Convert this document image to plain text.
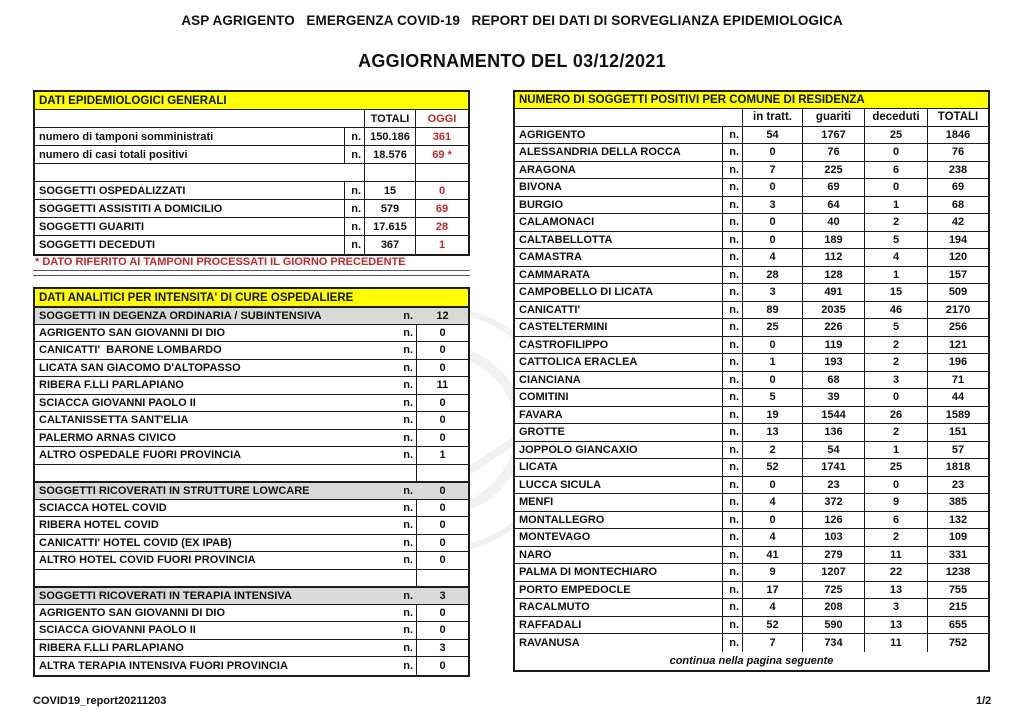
ASP AGRIGENTO   EMERGENZA COVID-19   REPORT DEI DATI DI SORVEGLIANZA EPIDEMIOLOGICA
AGGIORNAMENTO DEL 03/12/2021
DATI EPIDEMIOLOGICI GENERALI
TOTALI	OGGI
numero di tamponi somministrati	n. 150.186	361
numero di casi totali positivi	n.	18.576	69 *
SOGGETTI OSPEDALIZZATI	n.	15	0
SOGGETTI ASSISTITI A DOMICILIO	n.	579	69
SOGGETTI GUARITI	n.	17.615	28
SOGGETTI DECEDUTI	n.	367	1
* DATO RIFERITO AI TAMPONI PROCESSATI IL GIORNO PRECEDENTE
DATI ANALITICI PER INTENSITA' DI CURE OSPEDALIERE
SOGGETTI IN DEGENZA ORDINARIA / SUBINTENSIVA	n.	12
AGRIGENTO SAN GIOVANNI DI DIO	n.	0
CANICATTI'  BARONE LOMBARDO	n.	0
LICATA SAN GIACOMO D'ALTOPASSO	n.	0
RIBERA F.LLI PARLAPIANO	n.	11
SCIACCA GIOVANNI PAOLO II	n.	0
CALTANISSETTA SANT'ELIA	n.	0
PALERMO ARNAS CIVICO	n.	0
ALTRO OSPEDALE FUORI PROVINCIA	n.	1
SOGGETTI RICOVERATI IN STRUTTURE LOWCARE	n.	0
SCIACCA HOTEL COVID	n.	0
RIBERA HOTEL COVID	n.	0
CANICATTI' HOTEL COVID (EX IPAB)	n.	0
ALTRO HOTEL COVID FUORI PROVINCIA	n.	0
SOGGETTI RICOVERATI IN TERAPIA INTENSIVA	n.	3
AGRIGENTO SAN GIOVANNI DI DIO	n.	0
SCIACCA GIOVANNI PAOLO II	n.	0
RIBERA F.LLI PARLAPIANO	n.	3
ALTRA TERAPIA INTENSIVA FUORI PROVINCIA	n.	0
NUMERO DI SOGGETTI POSITIVI PER COMUNE DI RESIDENZA
in tratt.	guariti	deceduti	TOTALI
AGRIGENTO	n.	54	1767	25	1846
ALESSANDRIA DELLA ROCCA	n.	0	76	0	76
ARAGONA	n.	7	225	6	238
BIVONA	n.	0	69	0	69
BURGIO	n.	3	64	1	68
CALAMONACI	n.	0	40	2	42
CALTABELLOTTA	n.	0	189	5	194
CAMASTRA	n.	4	112	4	120
CAMMARATA	n.	28	128	1	157
CAMPOBELLO DI LICATA	n.	3	491	15	509
CANICATTI'	n.	89	2035	46	2170
CASTELTERMINI	n.	25	226	5	256
CASTROFILIPPO	n.	0	119	2	121
CATTOLICA ERACLEA	n.	1	193	2	196
CIANCIANA	n.	0	68	3	71
COMITINI	n.	5	39	0	44
FAVARA	n.	19	1544	26	1589
GROTTE	n.	13	136	2	151
JOPPOLO GIANCAXIO	n.	2	54	1	57
LICATA	n.	52	1741	25	1818
LUCCA SICULA	n.	0	23	0	23
MENFI	n.	4	372	9	385
MONTALLEGRO	n.	0	126	6	132
MONTEVAGO	n.	4	103	2	109
NARO	n.	41	279	11	331
PALMA DI MONTECHIARO	n.	9	1207	22	1238
PORTO EMPEDOCLE	n.	17	725	13	755
RACALMUTO	n.	4	208	3	215
RAFFADALI	n.	52	590	13	655
RAVANUSA	n.	7	734	11	752
continua nella pagina seguente
COVID19_report20211203	1/2
